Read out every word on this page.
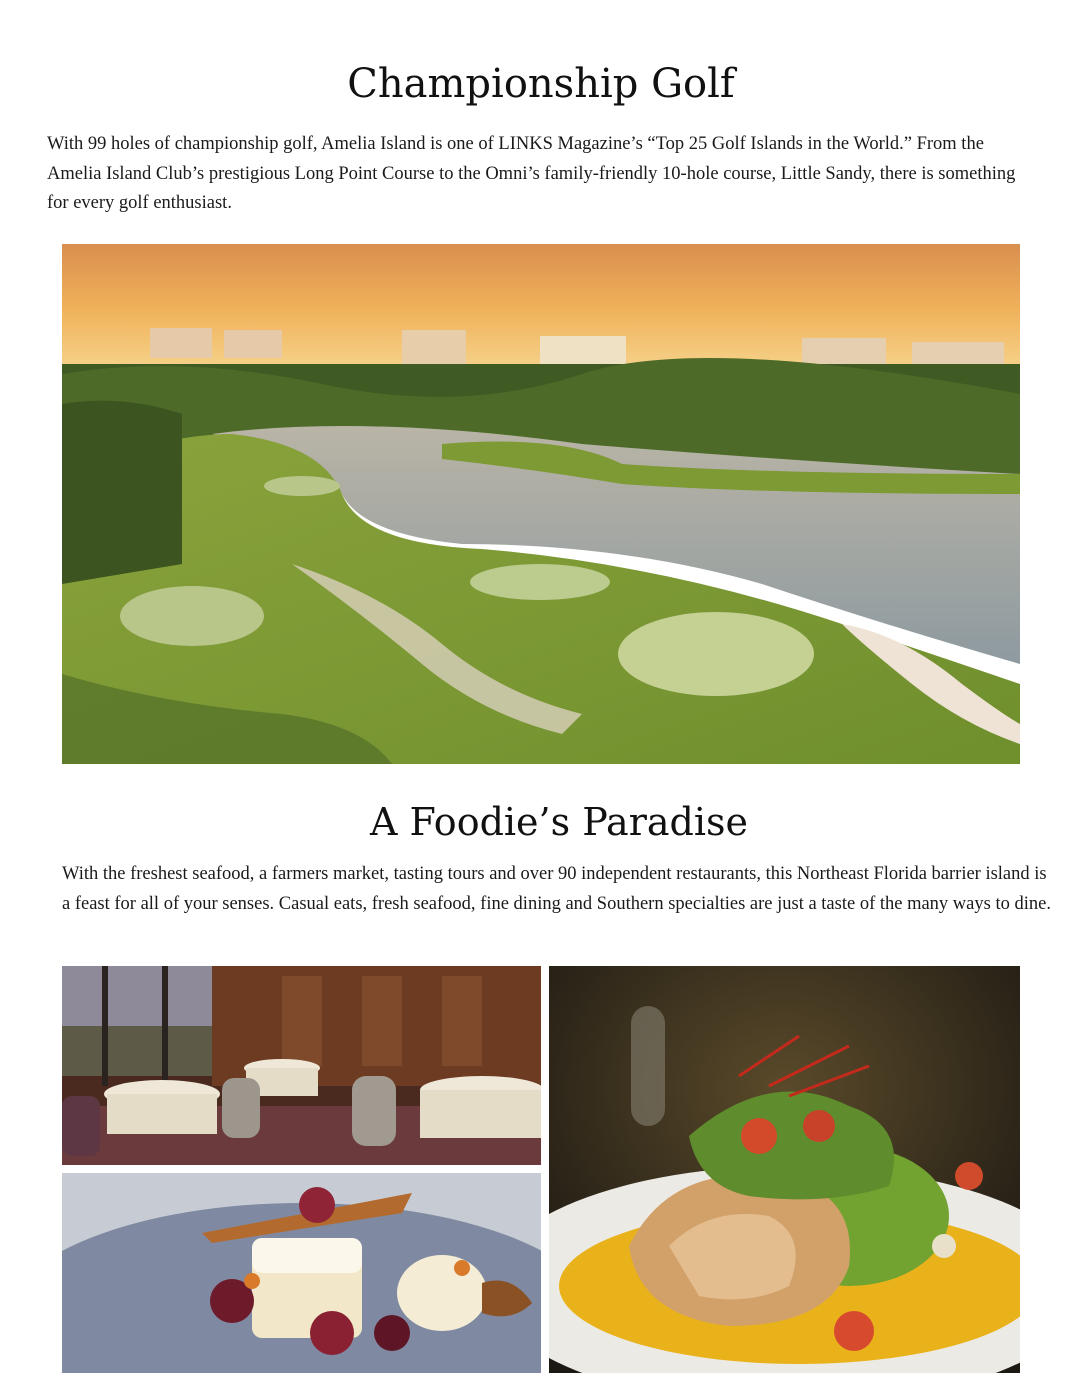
Championship Golf

With 99 holes of championship golf, Amelia Island is one of LINKS Magazine’s “Top 25 Golf Islands in the World.” From the Amelia Island Club’s prestigious Long Point Course to the Omni’s family-friendly 10-hole course, Little Sandy, there is something for every golf enthusiast.

A Foodie’s Paradise

With the freshest seafood, a farmers market, tasting tours and over 90 independent restaurants, this Northeast Florida barrier island is a feast for all of your senses. Casual eats, fresh seafood, fine dining and Southern specialties are just a taste of the many ways to dine.
